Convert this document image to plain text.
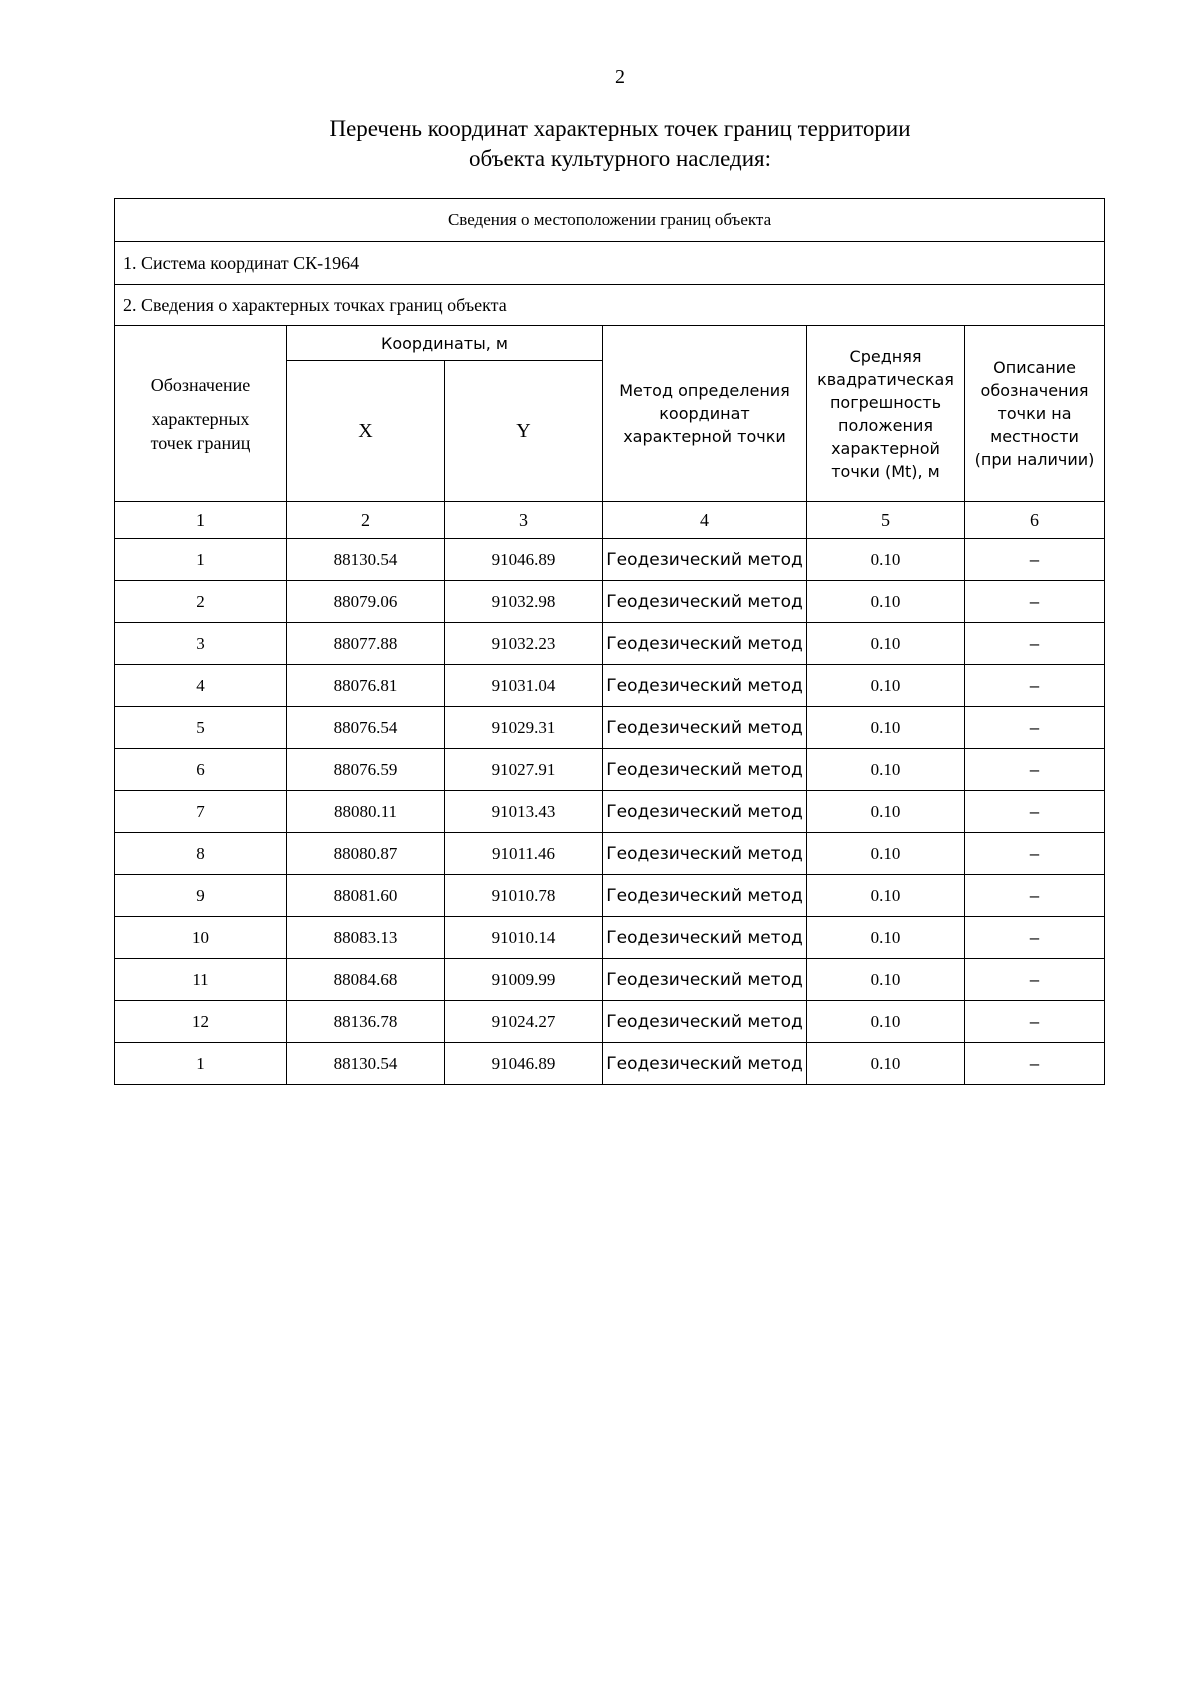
2
Перечень координат характерных точек границ территории
объекта культурного наследия:
Сведения о местоположении границ объекта					
1. Система координат СК-1964					
2. Сведения о характерных точках границ объекта					

Обозначение
характерных
точек границ	Координаты, м		Метод определения координат характерной точки	Средняя квадратическая погрешность положения характерной точки (Mt), м	Описание обозначения точки на местности (при наличии)
	X	Y			
1	2	3	4	5	6
1	88130.54	91046.89	Геодезический метод	0.10	–
2	88079.06	91032.98	Геодезический метод	0.10	–
3	88077.88	91032.23	Геодезический метод	0.10	–
4	88076.81	91031.04	Геодезический метод	0.10	–
5	88076.54	91029.31	Геодезический метод	0.10	–
6	88076.59	91027.91	Геодезический метод	0.10	–
7	88080.11	91013.43	Геодезический метод	0.10	–
8	88080.87	91011.46	Геодезический метод	0.10	–
9	88081.60	91010.78	Геодезический метод	0.10	–
10	88083.13	91010.14	Геодезический метод	0.10	–
11	88084.68	91009.99	Геодезический метод	0.10	–
12	88136.78	91024.27	Геодезический метод	0.10	–
1	88130.54	91046.89	Геодезический метод	0.10	–
